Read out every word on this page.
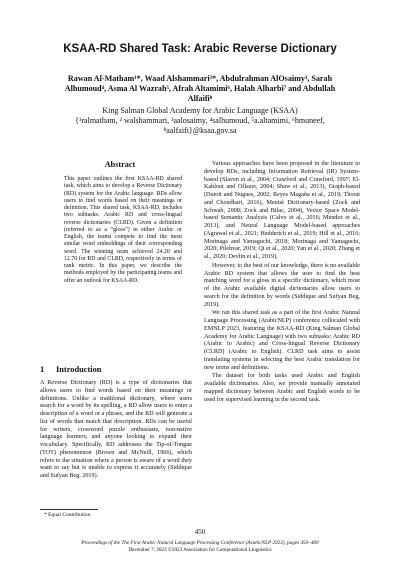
KSAA-RD Shared Task: Arabic Reverse Dictionary
Rawan Al-Matham¹*, Waad Alshammari²*, Abdulrahman AlOsaimy³, Sarah
Alhumoud⁴, Asma Al Wazrah⁵, Afrah Altamimi⁶, Halah Alharbi⁷ and Abdullah
Alfaifi⁸
King Salman Global Academy for Arabic Language (KSAA)
{¹ralmatham, ² walshammari, ³aalosaimy, ⁴salhumoud, ⁵a.altamimi, ⁶hmuneef,
⁸aalfaifi}@ksaa.gov.sa
Abstract
This paper outlines the first KSAA-RD shared task, which aims to develop a Reverse Dictionary (RD) system for the Arabic language. RDs allow users to find words based on their meanings or definition. This shared task, KSAA-RD, includes two subtasks: Arabic RD and cross-lingual reverse dictionaries (CLRD). Given a definition (referred to as a “gloss”) in either Arabic or English, the teams compete to find the most similar word embeddings of their corresponding word. The winning team achieved 24.20 and 12.70 for RD and CLRD, respectively in terms of rank metric. In this paper, we describe the methods employed by the participating teams and offer an outlook for KSAA-RD.
1 Introduction
A Reverse Dictionary (RD) is a type of dictionaries that allows users to find words based on their meanings or definitions. Unlike a traditional dictionary, where users search for a word by its spelling, a RD allow users to enter a description of a word or a phrase, and the RD will generate a list of words that match that description. RDs can be useful for writers, crossword puzzle enthusiasts, non-native language learners, and anyone looking to expand their vocabulary. Specifically, RD addresses the Tip-of-Tongue (TOT) phenomenon (Brown and McNeill, 1966), which refers to the situation where a person is aware of a word they want to say but is unable to express it accurately (Siddique and Sufyan Beg, 2019).
* Equal Contribution

Various approaches have been proposed in the literature to develop RDs, including Information Retrieval (IR) System-based (Slaven et al., 2004; Crawford and Crawford, 1997; El-Kahlout and Oflazer, 2004; Shaw et al., 2013), Graph-based (Dutoit and Nugues, 2002; Reyes Magaña et al., 2019; Thorat and Choudhari, 2016), Mental Dictionary-based (Zock and Schwab, 2008; Zock and Bilac, 2004), Vector Space Model-based Semantic Analysis (Calvo et al., 2016; Méndez et al., 2013), and Neural Language Model-based approaches (Agrawal et al., 2021; Hedderich et al., 2019; Hill et al., 2016; Morinaga and Yamaguchi, 2018; Morinaga and Yamaguchi, 2020; Pilehvar, 2019; Qi et al., 2020; Yan et al., 2020; Zhang et al., 2020; Devlin et al., 2019).

However, to the best of our knowledge, there is no available Arabic RD system that allows the user to find the best matching word for a gloss in a specific dictionary, which most of the Arabic available digital dictionaries allow users to search for the definition by words (Siddique and Sufyan Beg, 2019).

We ran this shared task as a part of the first Arabic Natural Language Processing (ArabicNLP) conference collocated with EMNLP 2023, featuring the KSAA-RD (King Salman Global Academy for Arabic Language) with two subtasks: Arabic RD (Arabic to Arabic) and Cross-lingual Reverse Dictionary (CLRD) (Arabic to English). CLRD task aims to assist translating systems in selecting the best Arabic translation for new terms and definitions.

The dataset for both tasks used Arabic and English available dictionaries. Also, we provide manually annotated mapped dictionary between Arabic and English words to be used for supervised learning in the second task.

450
Proceedings of the The First Arabic Natural Language Processing Conference (ArabicNLP 2023), pages 450–460
December 7, 2023 ©2023 Association for Computational Linguistics
